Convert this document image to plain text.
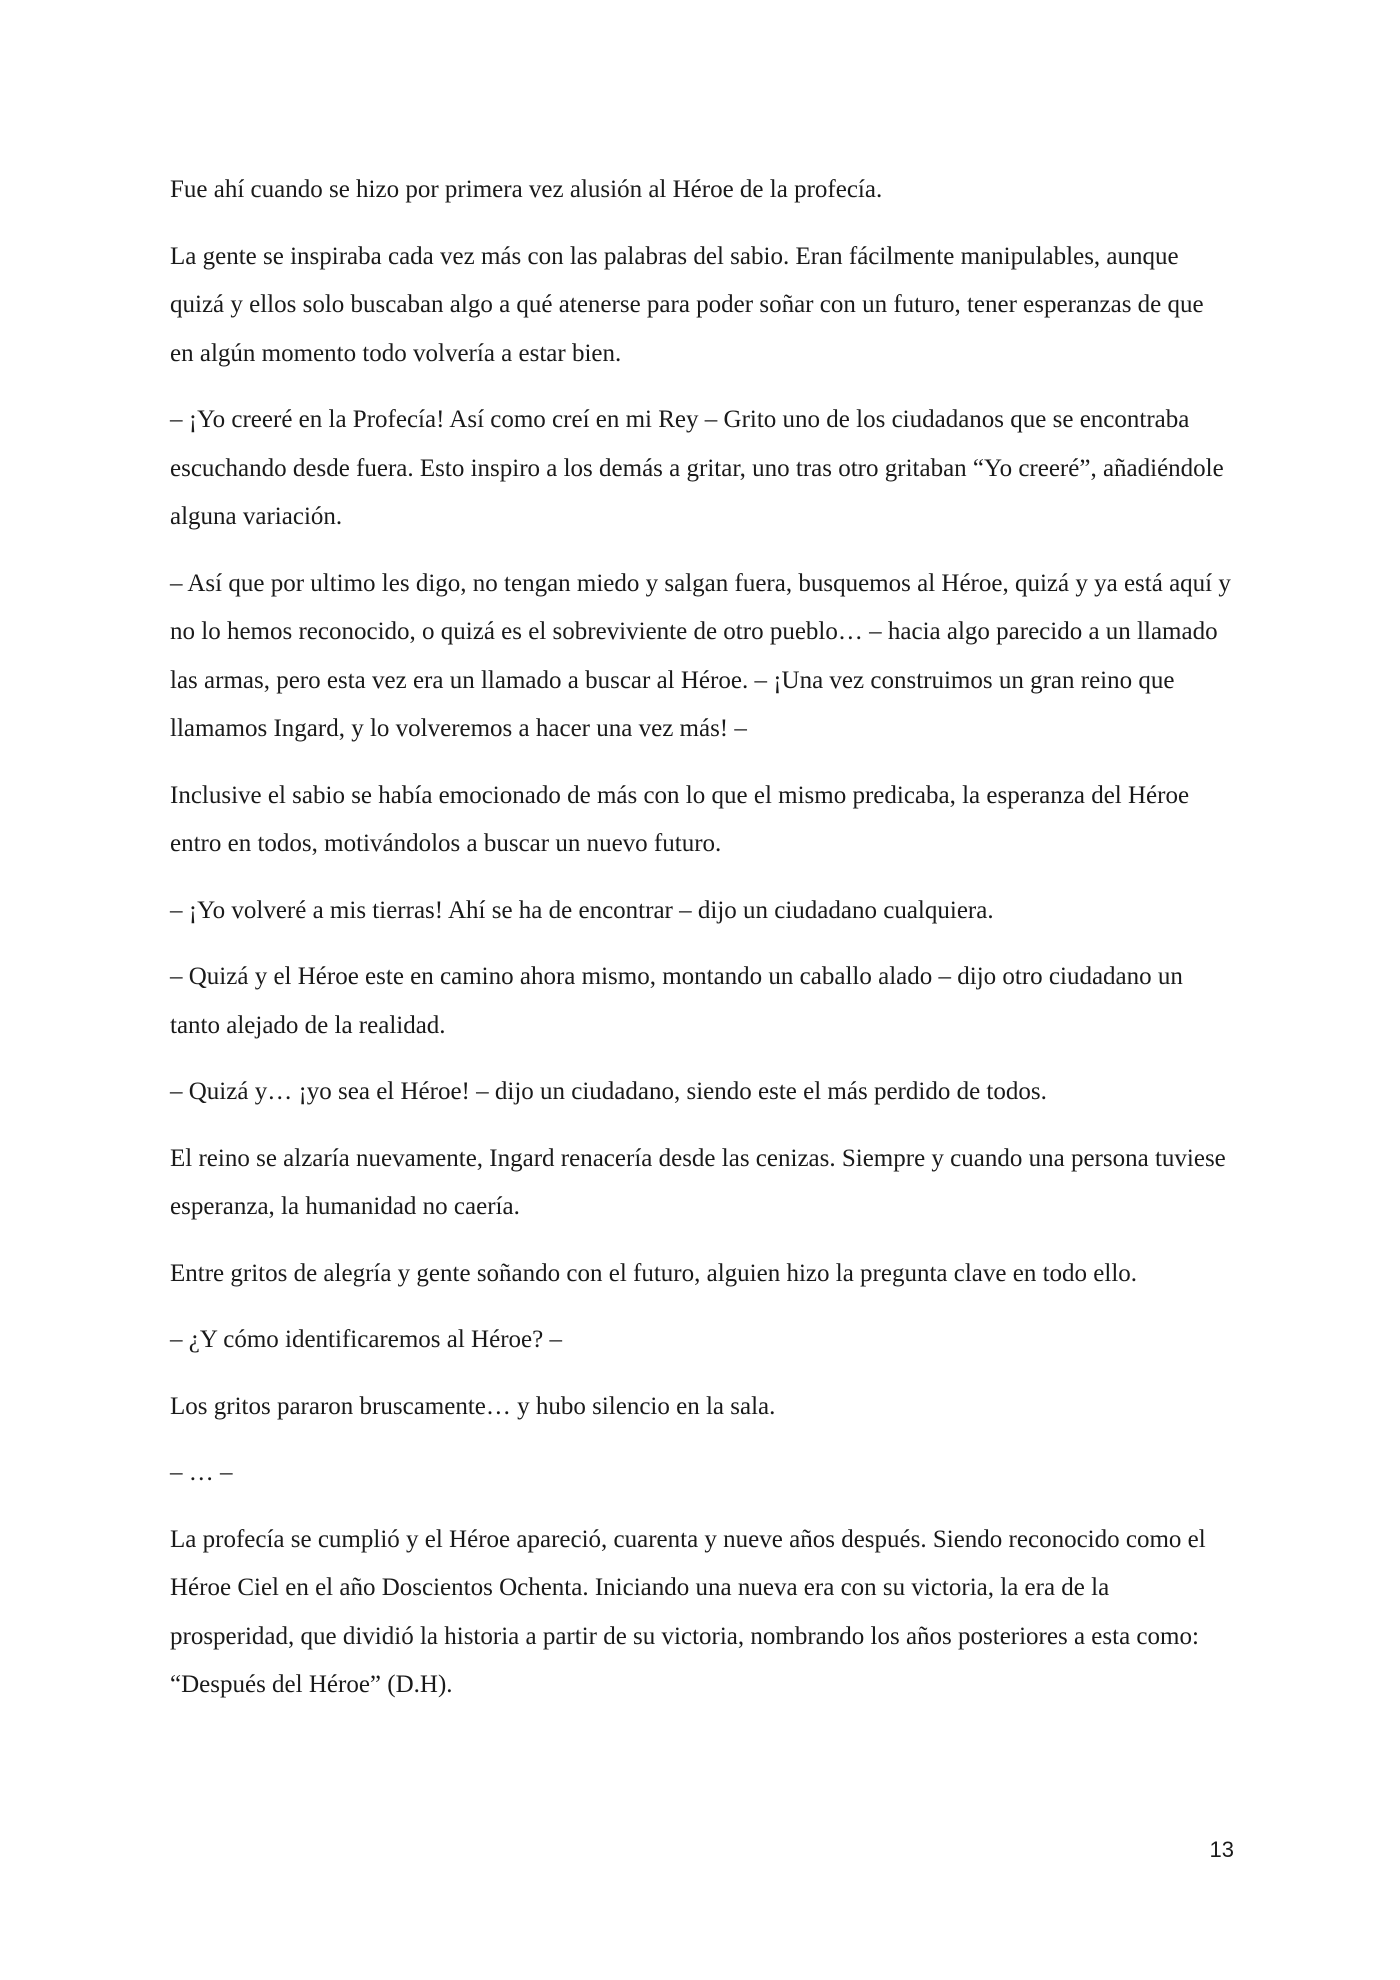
Fue ahí cuando se hizo por primera vez alusión al Héroe de la profecía.

La gente se inspiraba cada vez más con las palabras del sabio. Eran fácilmente manipulables, aunque quizá y ellos solo buscaban algo a qué atenerse para poder soñar con un futuro, tener esperanzas de que en algún momento todo volvería a estar bien.

– ¡Yo creeré en la Profecía! Así como creí en mi Rey – Grito uno de los ciudadanos que se encontraba escuchando desde fuera. Esto inspiro a los demás a gritar, uno tras otro gritaban “Yo creeré”, añadiéndole alguna variación.

– Así que por ultimo les digo, no tengan miedo y salgan fuera, busquemos al Héroe, quizá y ya está aquí y no lo hemos reconocido, o quizá es el sobreviviente de otro pueblo… – hacia algo parecido a un llamado las armas, pero esta vez era un llamado a buscar al Héroe. – ¡Una vez construimos un gran reino que llamamos Ingard, y lo volveremos a hacer una vez más! –

Inclusive el sabio se había emocionado de más con lo que el mismo predicaba, la esperanza del Héroe entro en todos, motivándolos a buscar un nuevo futuro.

– ¡Yo volveré a mis tierras! Ahí se ha de encontrar – dijo un ciudadano cualquiera.

– Quizá y el Héroe este en camino ahora mismo, montando un caballo alado – dijo otro ciudadano un tanto alejado de la realidad.

– Quizá y… ¡yo sea el Héroe! – dijo un ciudadano, siendo este el más perdido de todos.

El reino se alzaría nuevamente, Ingard renacería desde las cenizas. Siempre y cuando una persona tuviese esperanza, la humanidad no caería.

Entre gritos de alegría y gente soñando con el futuro, alguien hizo la pregunta clave en todo ello.

– ¿Y cómo identificaremos al Héroe? –

Los gritos pararon bruscamente… y hubo silencio en la sala.

– … –

La profecía se cumplió y el Héroe apareció, cuarenta y nueve años después. Siendo reconocido como el Héroe Ciel en el año Doscientos Ochenta. Iniciando una nueva era con su victoria, la era de la prosperidad, que dividió la historia a partir de su victoria, nombrando los años posteriores a esta como: “Después del Héroe” (D.H).

13
